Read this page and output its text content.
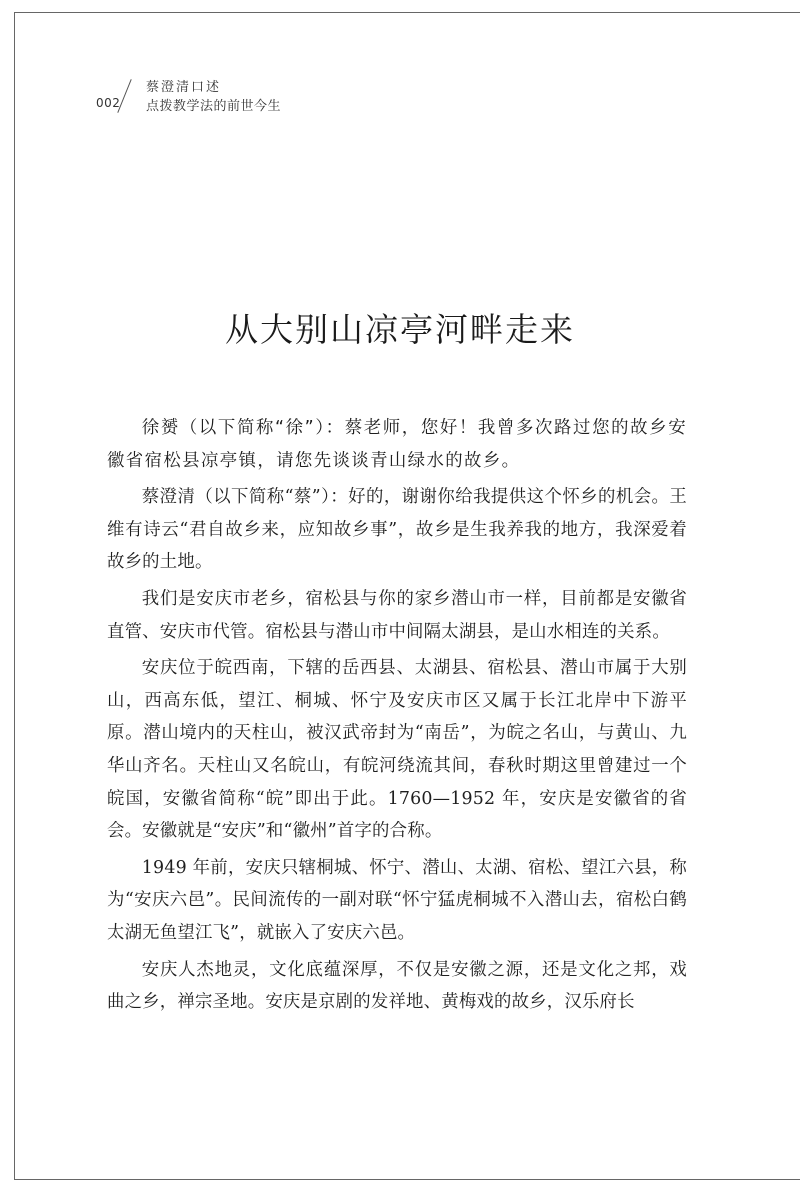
002
蔡澄清口述
点拨教学法的前世今生
从大别山凉亭河畔走来

徐赟（以下简称“徐”）：蔡老师，您好！我曾多次路过您的故乡安徽省宿松县凉亭镇，请您先谈谈青山绿水的故乡。

蔡澄清（以下简称“蔡”）：好的，谢谢你给我提供这个怀乡的机会。王维有诗云“君自故乡来，应知故乡事”，故乡是生我养我的地方，我深爱着故乡的土地。

我们是安庆市老乡，宿松县与你的家乡潜山市一样，目前都是安徽省直管、安庆市代管。宿松县与潜山市中间隔太湖县，是山水相连的关系。

安庆位于皖西南，下辖的岳西县、太湖县、宿松县、潜山市属于大别山，西高东低，望江、桐城、怀宁及安庆市区又属于长江北岸中下游平原。潜山境内的天柱山，被汉武帝封为“南岳”，为皖之名山，与黄山、九华山齐名。天柱山又名皖山，有皖河绕流其间，春秋时期这里曾建过一个皖国，安徽省简称“皖”即出于此。1760—1952 年，安庆是安徽省的省会。安徽就是“安庆”和“徽州”首字的合称。

1949 年前，安庆只辖桐城、怀宁、潜山、太湖、宿松、望江六县，称为“安庆六邑”。民间流传的一副对联“怀宁猛虎桐城不入潜山去，宿松白鹤太湖无鱼望江飞”，就嵌入了安庆六邑。

安庆人杰地灵，文化底蕴深厚，不仅是安徽之源，还是文化之邦，戏曲之乡，禅宗圣地。安庆是京剧的发祥地、黄梅戏的故乡，汉乐府长
